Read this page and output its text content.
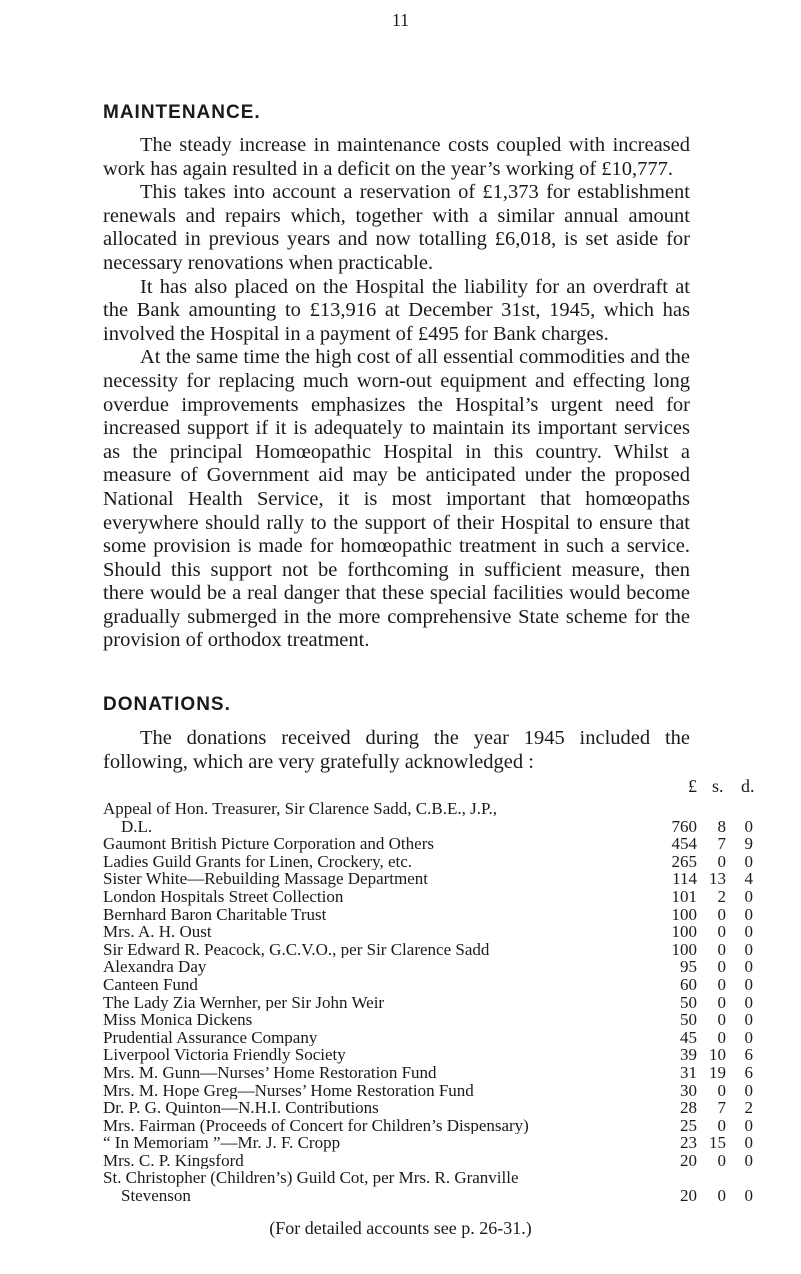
11
MAINTENANCE.

The steady increase in maintenance costs coupled with increased work has again resulted in a deficit on the year’s working of £10,777.

This takes into account a reservation of £1,373 for establishment renewals and repairs which, together with a similar annual amount allocated in previous years and now totalling £6,018, is set aside for necessary renovations when practicable.

It has also placed on the Hospital the liability for an overdraft at the Bank amounting to £13,916 at December 31st, 1945, which has involved the Hospital in a payment of £495 for Bank charges.

At the same time the high cost of all essential commodities and the necessity for replacing much worn-out equipment and effecting long overdue improvements emphasizes the Hospital’s urgent need for increased support if it is adequately to maintain its important services as the principal Homœopathic Hospital in this country. Whilst a measure of Government aid may be anticipated under the proposed National Health Service, it is most important that homœopaths everywhere should rally to the support of their Hospital to ensure that some provision is made for homœopathic treatment in such a service. Should this support not be forthcoming in sufficient measure, then there would be a real danger that these special facilities would become gradually submerged in the more comprehensive State scheme for the provision of orthodox treatment.

DONATIONS.

The donations received during the year 1945 included the following, which are very gratefully acknowledged :

£ s. d.
Appeal of Hon. Treasurer, Sir Clarence Sadd, C.B.E., J.P.,
D.L.	760	8	0
Gaumont British Picture Corporation and Others	454	7	9
Ladies Guild Grants for Linen, Crockery, etc.	265	0	0
Sister White—Rebuilding Massage Department	114 13	4
London Hospitals Street Collection	101	2	0
Bernhard Baron Charitable Trust	100	0	0
Mrs. A. H. Oust	100	0	0
Sir Edward R. Peacock, G.C.V.O., per Sir Clarence Sadd	100	0	0
Alexandra Day	95	0	0
Canteen Fund	60	0	0
The Lady Zia Wernher, per Sir John Weir	50	0	0
Miss Monica Dickens	50	0	0
Prudential Assurance Company	45	0	0
Liverpool Victoria Friendly Society	39 10	6
Mrs. M. Gunn—Nurses’ Home Restoration Fund	31 19	6
Mrs. M. Hope Greg—Nurses’ Home Restoration Fund	30	0	0
Dr. P. G. Quinton—N.H.I. Contributions	28	7	2
Mrs. Fairman (Proceeds of Concert for Children’s Dispensary)	25	0	0
“ In Memoriam ”—Mr. J. F. Cropp	23 15	0
Mrs. C. P. Kingsford	20	0	0
St. Christopher (Children’s) Guild Cot, per Mrs. R. Granville
Stevenson	20	0	0
(For detailed accounts see p. 26-31.)
